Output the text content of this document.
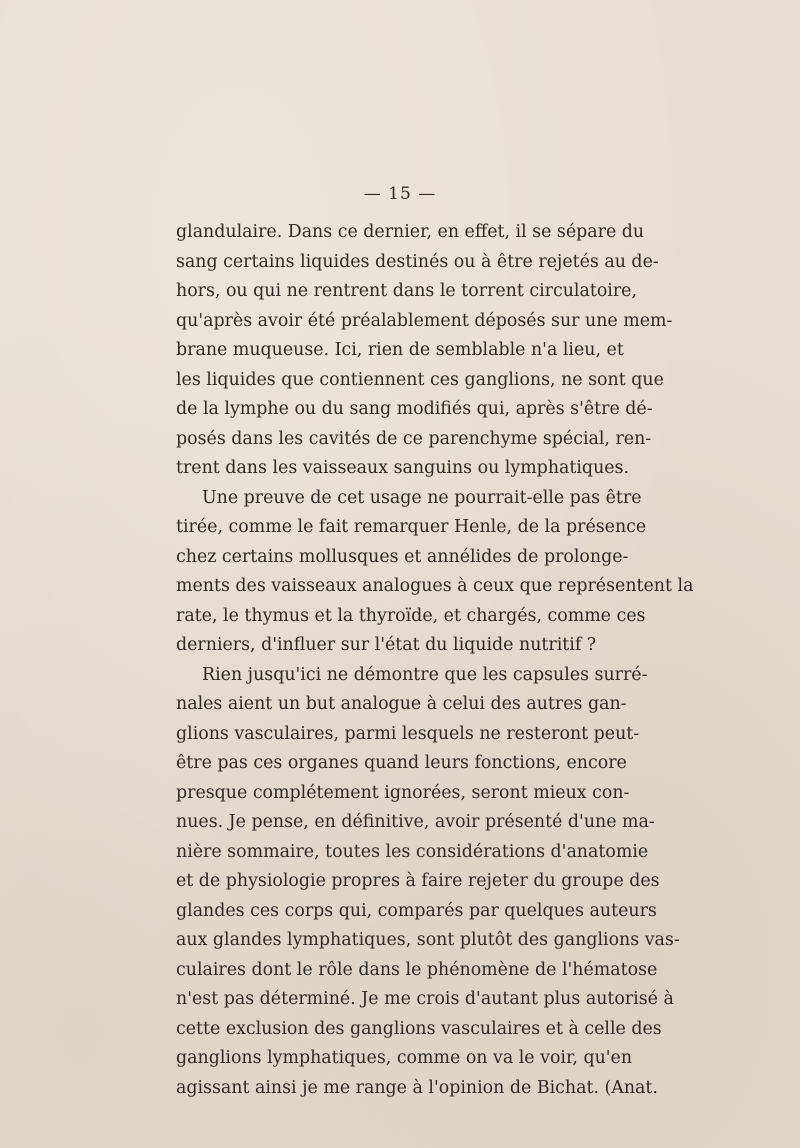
— 15 —
glandulaire. Dans ce dernier, en effet, il se sépare du
sang certains liquides destinés ou à être rejetés au de-
hors, ou qui ne rentrent dans le torrent circulatoire,
qu'après avoir été préalablement déposés sur une mem-
brane muqueuse. Ici, rien de semblable n'a lieu, et
les liquides que contiennent ces ganglions, ne sont que
de la lymphe ou du sang modifiés qui, après s'être dé-
posés dans les cavités de ce parenchyme spécial, ren-
trent dans les vaisseaux sanguins ou lymphatiques.
Une preuve de cet usage ne pourrait-elle pas être
tirée, comme le fait remarquer Henle, de la présence
chez certains mollusques et annélides de prolonge-
ments des vaisseaux analogues à ceux que représentent la
rate, le thymus et la thyroïde, et chargés, comme ces
derniers, d'influer sur l'état du liquide nutritif ?
Rien jusqu'ici ne démontre que les capsules surré-
nales aient un but analogue à celui des autres gan-
glions vasculaires, parmi lesquels ne resteront peut-
être pas ces organes quand leurs fonctions, encore
presque complétement ignorées, seront mieux con-
nues. Je pense, en définitive, avoir présenté d'une ma-
nière sommaire, toutes les considérations d'anatomie
et de physiologie propres à faire rejeter du groupe des
glandes ces corps qui, comparés par quelques auteurs
aux glandes lymphatiques, sont plutôt des ganglions vas-
culaires dont le rôle dans le phénomène de l'hématose
n'est pas déterminé. Je me crois d'autant plus autorisé à
cette exclusion des ganglions vasculaires et à celle des
ganglions lymphatiques, comme on va le voir, qu'en
agissant ainsi je me range à l'opinion de Bichat. (Anat.
